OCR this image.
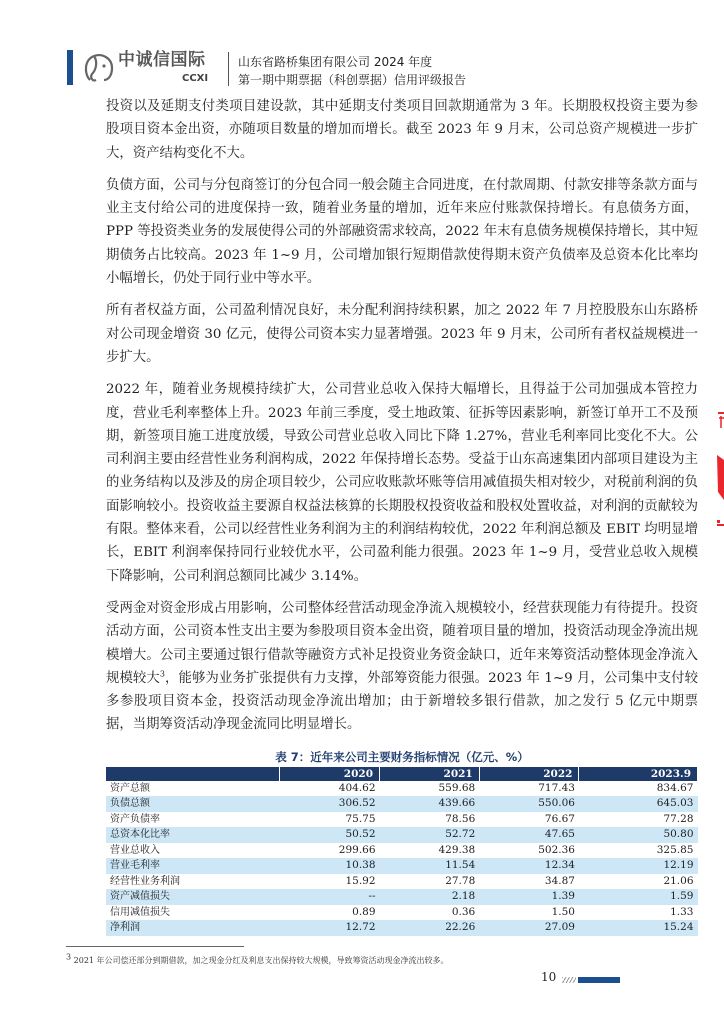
中诚信国际
CCXI
山东省路桥集团有限公司 2024 年度
第一期中期票据（科创票据）信用评级报告

投资以及延期支付类项目建设款，其中延期支付类项目回款期通常为 3 年。长期股权投资主要为参股项目资本金出资，亦随项目数量的增加而增长。截至 2023 年 9 月末，公司总资产规模进一步扩大，资产结构变化不大。

负债方面，公司与分包商签订的分包合同一般会随主合同进度，在付款周期、付款安排等条款方面与业主支付给公司的进度保持一致，随着业务量的增加，近年来应付账款保持增长。有息债务方面，PPP 等投资类业务的发展使得公司的外部融资需求较高，2022 年末有息债务规模保持增长，其中短期债务占比较高。2023 年 1~9 月，公司增加银行短期借款使得期末资产负债率及总资本化比率均小幅增长，仍处于同行业中等水平。

所有者权益方面，公司盈利情况良好，未分配利润持续积累，加之 2022 年 7 月控股股东山东路桥对公司现金增资 30 亿元，使得公司资本实力显著增强。2023 年 9 月末，公司所有者权益规模进一步扩大。

2022 年，随着业务规模持续扩大，公司营业总收入保持大幅增长，且得益于公司加强成本管控力度，营业毛利率整体上升。2023 年前三季度，受土地政策、征拆等因素影响，新签订单开工不及预期，新签项目施工进度放缓，导致公司营业总收入同比下降 1.27%，营业毛利率同比变化不大。公司利润主要由经营性业务利润构成，2022 年保持增长态势。受益于山东高速集团内部项目建设为主的业务结构以及涉及的房企项目较少，公司应收账款坏账等信用减值损失相对较少，对税前利润的负面影响较小。投资收益主要源自权益法核算的长期股权投资收益和股权处置收益，对利润的贡献较为有限。整体来看，公司以经营性业务利润为主的利润结构较优，2022 年利润总额及 EBIT 均明显增长，EBIT 利润率保持同行业较优水平，公司盈利能力很强。2023 年 1~9 月，受营业总收入规模下降影响，公司利润总额同比减少 3.14%。

受两金对资金形成占用影响，公司整体经营活动现金净流入规模较小，经营获现能力有待提升。投资活动方面，公司资本性支出主要为参股项目资本金出资，随着项目量的增加，投资活动现金净流出规模增大。公司主要通过银行借款等融资方式补足投资业务资金缺口，近年来筹资活动整体现金净流入规模较大$^3$，能够为业务扩张提供有力支撑，外部筹资能力很强。2023 年 1~9 月，公司集中支付较多参股项目资本金，投资活动现金净流出增加；由于新增较多银行借款，加之发行 5 亿元中期票据，当期筹资活动净现金流同比明显增长。

表 7：近年来公司主要财务指标情况（亿元、%）
	2020	2021	2022	2023.9
资产总额	404.62	559.68	717.43	834.67
负债总额	306.52	439.66	550.06	645.03
资产负债率	75.75	78.56	76.67	77.28
总资本化比率	50.52	52.72	47.65	50.80
营业总收入	299.66	429.38	502.36	325.85
营业毛利率	10.38	11.54	12.34	12.19
经营性业务利润	15.92	27.78	34.87	21.06
资产减值损失	--	2.18	1.39	1.59
信用减值损失	0.89	0.36	1.50	1.33
净利润	12.72	22.26	27.09	15.24
$^3$ 2021 年公司偿还部分到期借款，加之现金分红及利息支出保持较大规模，导致筹资活动现金净流出较多。
10
